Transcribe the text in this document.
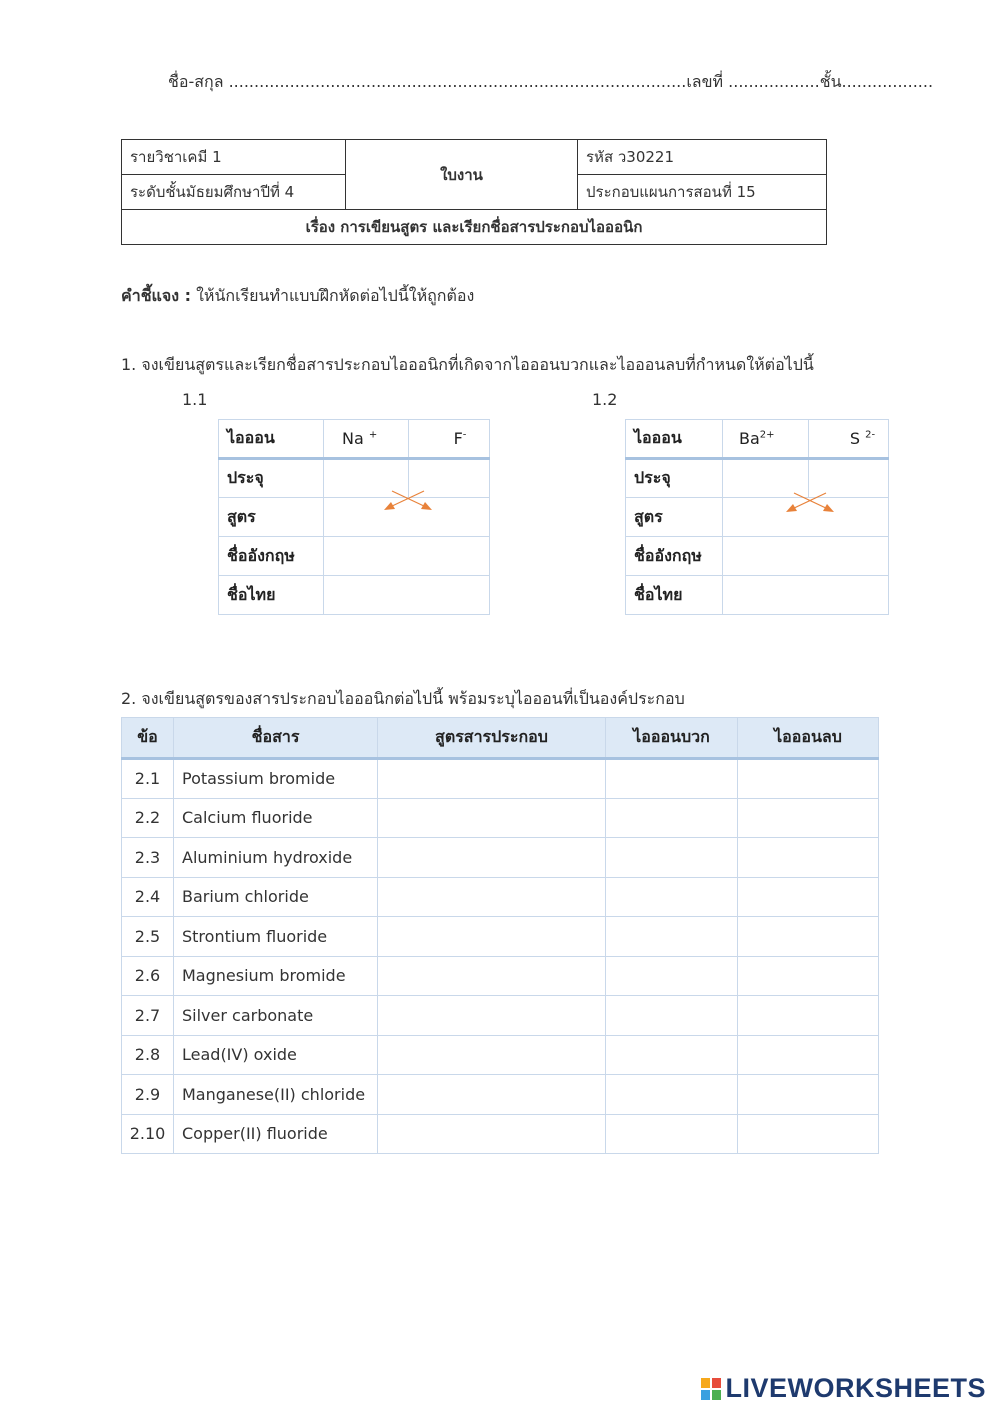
ชื่อ-สกุล ..........................................................................................เลขที่ ..................ชั้น..................
รายวิชาเคมี 1	ใบงาน	รหัส ว30221
ระดับชั้นมัธยมศึกษาปีที่ 4		ประกอบแผนการสอนที่ 15
เรื่อง การเขียนสูตร และเรียกชื่อสารประกอบไอออนิก		
คำชี้แจง : ให้นักเรียนทำแบบฝึกหัดต่อไปนี้ให้ถูกต้อง
1. จงเขียนสูตรและเรียกชื่อสารประกอบไอออนิกที่เกิดจากไอออนบวกและไอออนลบที่กำหนดให้ต่อไปนี้
1.1	1.2
ไอออน	Na +	F-
ประจุ		
สูตร		
ชื่ออังกฤษ		
ชื่อไทย		
ไอออน	$Ba^{2+}$	S $^{2-}$
ประจุ		
สูตร		
ชื่ออังกฤษ		
ชื่อไทย		
2. จงเขียนสูตรของสารประกอบไอออนิกต่อไปนี้ พร้อมระบุไอออนที่เป็นองค์ประกอบ
ข้อ	ชื่อสาร	สูตรสารประกอบ	ไอออนบวก	ไอออนลบ
2.1	Potassium bromide			
2.2	Calcium fluoride			
2.3	Aluminium hydroxide			
2.4	Barium chloride			
2.5	Strontium fluoride			
2.6	Magnesium bromide			
2.7	Silver carbonate			
2.8	Lead(IV) oxide			
2.9	Manganese(II) chloride			
2.10	Copper(II) fluoride			
LIVEWORKSHEETS
